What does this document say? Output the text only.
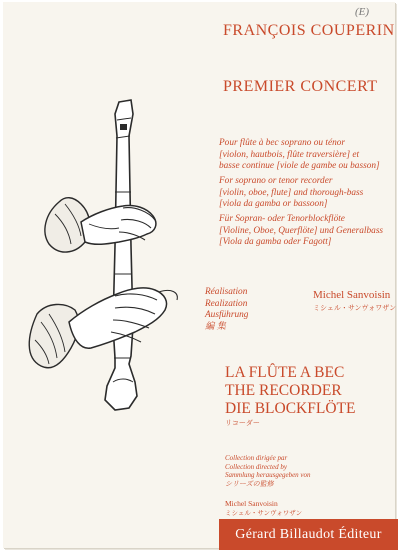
(E)
FRANÇOIS COUPERIN
PREMIER CONCERT
Pour flûte à bec soprano ou ténor
[violon, hautbois, flûte traversière] et
basse continue [viole de gambe ou basson]
For soprano or tenor recorder
[violin, oboe, flute] and thorough-bass
[viola da gamba or bassoon]
Für Sopran- oder Tenorblockflöte
[Violine, Oboe, Querflöte] und Generalbass
[Viola da gamba oder Fagott]
Réalisation
Realization
Ausführung
編 集
Michel Sanvoisin
ミシェル・サンヴォワザン
LA FLÛTE A BEC
THE RECORDER
DIE BLOCKFLÖTE
リコーダー
Collection dirigée par
Collection directed by
Sammlung herausgegeben von
シリーズの監修
Michel Sanvoisin
ミシェル・サンヴォワザン
Gérard Billaudot Éditeur
